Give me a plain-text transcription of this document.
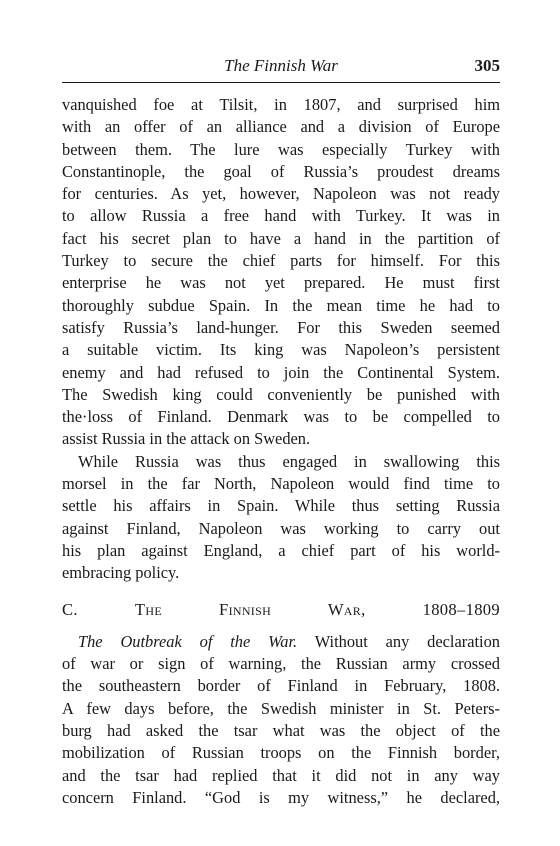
The Finnish War	305
vanquished foe at Tilsit, in 1807, and surprised him
with an offer of an alliance and a division of Europe
between them. The lure was especially Turkey with
Constantinople, the goal of Russia’s proudest dreams
for centuries. As yet, however, Napoleon was not ready
to allow Russia a free hand with Turkey. It was in
fact his secret plan to have a hand in the partition of
Turkey to secure the chief parts for himself. For this
enterprise he was not yet prepared. He must first
thoroughly subdue Spain. In the mean time he had to
satisfy Russia’s land-hunger. For this Sweden seemed
a suitable victim. Its king was Napoleon’s persistent
enemy and had refused to join the Continental System.
The Swedish king could conveniently be punished with
the·loss of Finland. Denmark was to be compelled to
assist Russia in the attack on Sweden.
While Russia was thus engaged in swallowing this
morsel in the far North, Napoleon would find time to
settle his affairs in Spain. While thus setting Russia
against Finland, Napoleon was working to carry out
his plan against England, a chief part of his world-
embracing policy.
C.	The Finnish War,	1808–1809
The Outbreak of the War. Without any declaration
of war or sign of warning, the Russian army crossed
the southeastern border of Finland in February, 1808.
A few days before, the Swedish minister in St. Peters-
burg had asked the tsar what was the object of the
mobilization of Russian troops on the Finnish border,
and the tsar had replied that it did not in any way
concern Finland. “God is my witness,” he declared,
